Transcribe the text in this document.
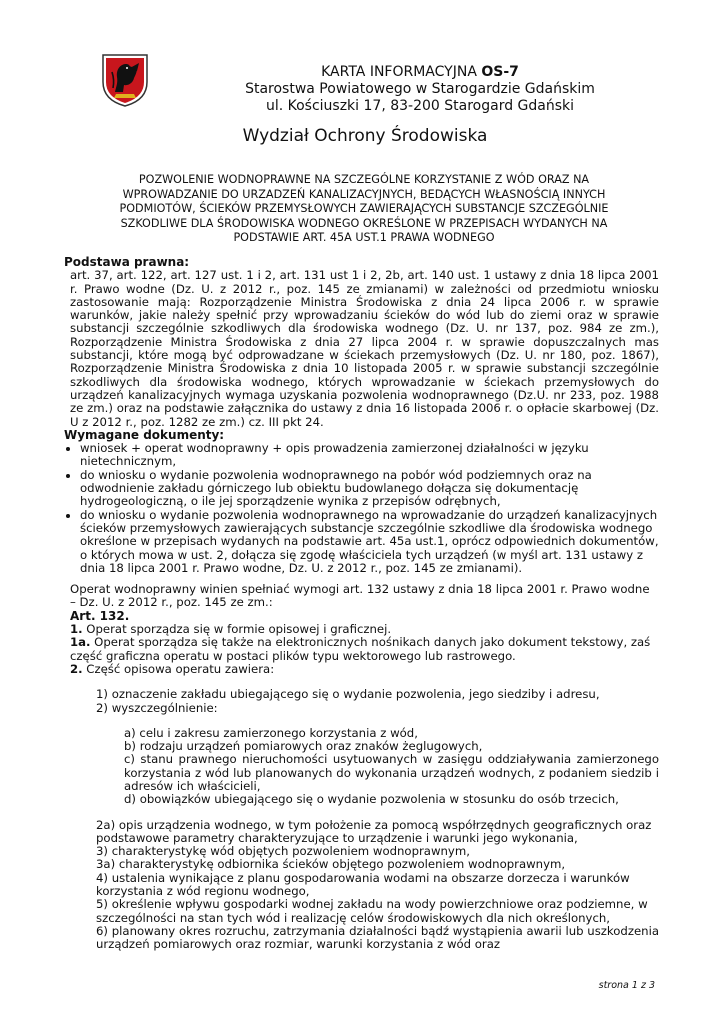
KARTA INFORMACYJNA OS-7
Starostwa Powiatowego w Starogardzie Gdańskim
ul. Kościuszki 17, 83-200 Starogard Gdański
Wydział Ochrony Środowiska
POZWOLENIE WODNOPRAWNE NA SZCZEGÓLNE KORZYSTANIE Z WÓD ORAZ NA
WPROWADZANIE DO URZADZEŃ KANALIZACYJNYCH, BEDĄCYCH WŁASNOŚCIĄ INNYCH
PODMIOTÓW, ŚCIEKÓW PRZEMYSŁOWYCH ZAWIERAJĄCYCH SUBSTANCJE SZCZEGÓLNIE
SZKODLIWE DLA ŚRODOWISKA WODNEGO OKREŚLONE W PRZEPISACH WYDANYCH NA
PODSTAWIE ART. 45A UST.1 PRAWA WODNEGO

Podstawa prawna:

art. 37, art. 122, art. 127 ust. 1 i 2, art. 131 ust 1 i 2, 2b, art. 140 ust. 1 ustawy z dnia 18 lipca 2001 r. Prawo wodne (Dz. U. z 2012 r., poz. 145 ze zmianami) w zależności od przedmiotu wniosku zastosowanie mają: Rozporządzenie Ministra Środowiska z dnia 24 lipca 2006 r. w sprawie warunków, jakie należy spełnić przy wprowadzaniu ścieków do wód lub do ziemi oraz w sprawie substancji szczególnie szkodliwych dla środowiska wodnego (Dz. U. nr 137, poz. 984 ze zm.), Rozporządzenie Ministra Środowiska z dnia 27 lipca 2004 r. w sprawie dopuszczalnych mas substancji, które mogą być odprowadzane w ściekach przemysłowych (Dz. U. nr 180, poz. 1867), Rozporządzenie Ministra Środowiska z dnia 10 listopada 2005 r. w sprawie substancji szczególnie szkodliwych dla środowiska wodnego, których wprowadzanie w ściekach przemysłowych do urządzeń kanalizacyjnych wymaga uzyskania pozwolenia wodnoprawnego (Dz.U. nr 233, poz. 1988 ze zm.) oraz na podstawie załącznika do ustawy z dnia 16 listopada 2006 r. o opłacie skarbowej (Dz. U z 2012 r., poz. 1282 ze zm.) cz. III pkt 24.

Wymagane dokumenty:

• wniosek + operat wodnoprawny + opis prowadzenia zamierzonej działalności w języku nietechnicznym,
• do wniosku o wydanie pozwolenia wodnoprawnego na pobór wód podziemnych oraz na odwodnienie zakładu górniczego lub obiektu budowlanego dołącza się dokumentację hydrogeologiczną, o ile jej sporządzenie wynika z przepisów odrębnych,
• do wniosku o wydanie pozwolenia wodnoprawnego na wprowadzanie do urządzeń kanalizacyjnych ścieków przemysłowych zawierających substancje szczególnie szkodliwe dla środowiska wodnego określone w przepisach wydanych na podstawie art. 45a ust.1, oprócz odpowiednich dokumentów, o których mowa w ust. 2, dołącza się zgodę właściciela tych urządzeń (w myśl art. 131 ustawy z dnia 18 lipca 2001 r. Prawo wodne, Dz. U. z 2012 r., poz. 145 ze zmianami).

Operat wodnoprawny winien spełniać wymogi art. 132 ustawy z dnia 18 lipca 2001 r. Prawo wodne – Dz. U. z 2012 r., poz. 145 ze zm.:

Art. 132.

1. Operat sporządza się w formie opisowej i graficznej.

1a. Operat sporządza się także na elektronicznych nośnikach danych jako dokument tekstowy, zaś część graficzna operatu w postaci plików typu wektorowego lub rastrowego.

2. Część opisowa operatu zawiera:

1) oznaczenie zakładu ubiegającego się o wydanie pozwolenia, jego siedziby i adresu,

2) wyszczególnienie:

a) celu i zakresu zamierzonego korzystania z wód,

b) rodzaju urządzeń pomiarowych oraz znaków żeglugowych,

c) stanu prawnego nieruchomości usytuowanych w zasięgu oddziaływania zamierzonego korzystania z wód lub planowanych do wykonania urządzeń wodnych, z podaniem siedzib i adresów ich właścicieli,

d) obowiązków ubiegającego się o wydanie pozwolenia w stosunku do osób trzecich,

2a) opis urządzenia wodnego, w tym położenie za pomocą współrzędnych geograficznych oraz podstawowe parametry charakteryzujące to urządzenie i warunki jego wykonania,

3) charakterystykę wód objętych pozwoleniem wodnoprawnym,

3a) charakterystykę odbiornika ścieków objętego pozwoleniem wodnoprawnym,

4) ustalenia wynikające z planu gospodarowania wodami na obszarze dorzecza i warunków korzystania z wód regionu wodnego,

5) określenie wpływu gospodarki wodnej zakładu na wody powierzchniowe oraz podziemne, w szczególności na stan tych wód i realizację celów środowiskowych dla nich określonych,

6) planowany okres rozruchu, zatrzymania działalności bądź wystąpienia awarii lub uszkodzenia urządzeń pomiarowych oraz rozmiar, warunki korzystania z wód oraz

strona 1 z 3
